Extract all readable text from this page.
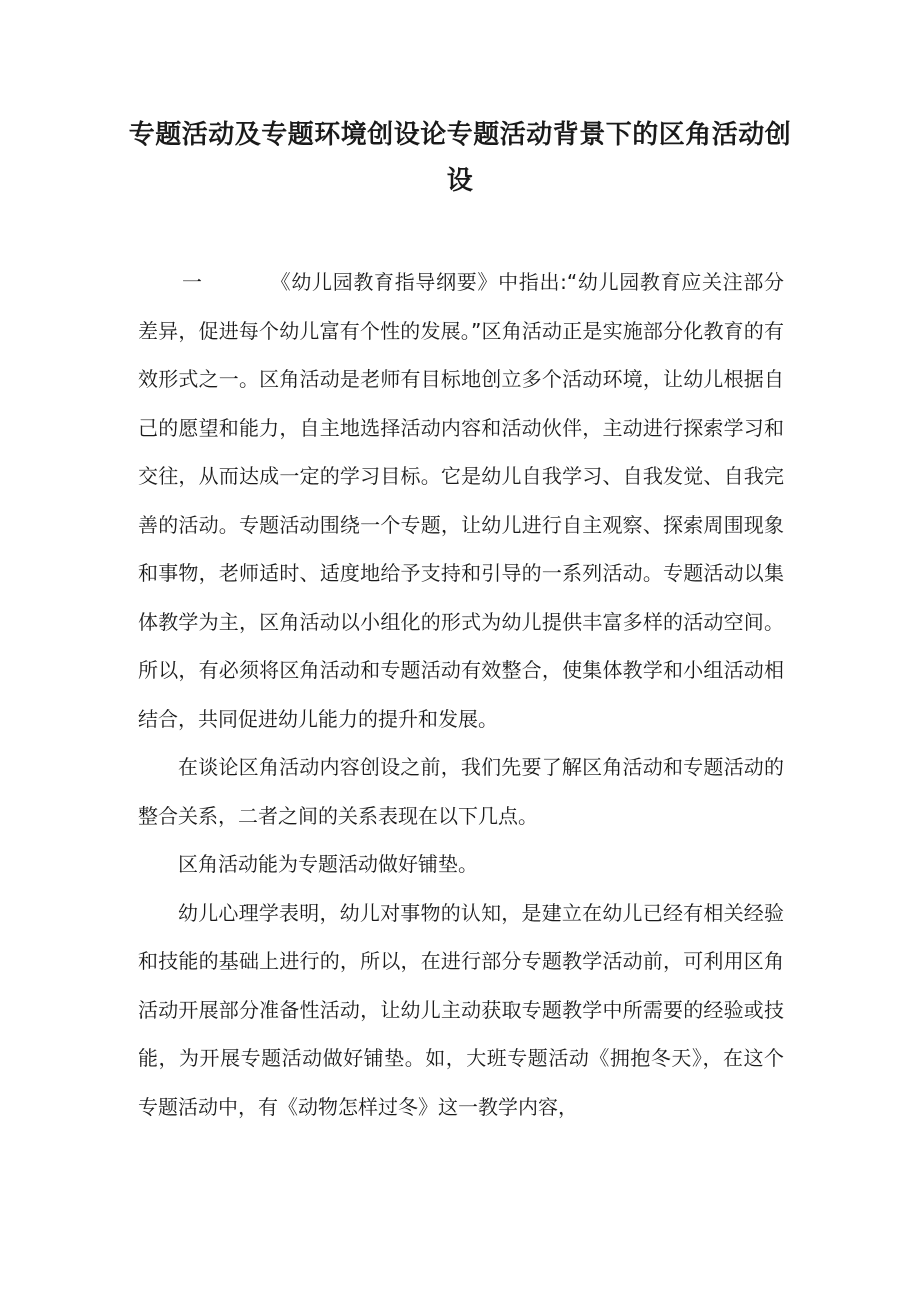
专题活动及专题环境创设论专题活动背景下的区角活动创设

一	《幼儿园教育指导纲要》中指出:“幼儿园教育应关注部分差异，促进每个幼儿富有个性的发展。”区角活动正是实施部分化教育的有效形式之一。区角活动是老师有目标地创立多个活动环境，让幼儿根据自己的愿望和能力，自主地选择活动内容和活动伙伴，主动进行探索学习和交往，从而达成一定的学习目标。它是幼儿自我学习、自我发觉、自我完善的活动。专题活动围绕一个专题，让幼儿进行自主观察、探索周围现象和事物，老师适时、适度地给予支持和引导的一系列活动。专题活动以集体教学为主，区角活动以小组化的形式为幼儿提供丰富多样的活动空间。所以，有必须将区角活动和专题活动有效整合，使集体教学和小组活动相结合，共同促进幼儿能力的提升和发展。

在谈论区角活动内容创设之前，我们先要了解区角活动和专题活动的整合关系，二者之间的关系表现在以下几点。

区角活动能为专题活动做好铺垫。

幼儿心理学表明，幼儿对事物的认知，是建立在幼儿已经有相关经验和技能的基础上进行的，所以，在进行部分专题教学活动前，可利用区角活动开展部分准备性活动，让幼儿主动获取专题教学中所需要的经验或技能，为开展专题活动做好铺垫。如，大班专题活动《拥抱冬天》，在这个专题活动中，有《动物怎样过冬》这一教学内容，
